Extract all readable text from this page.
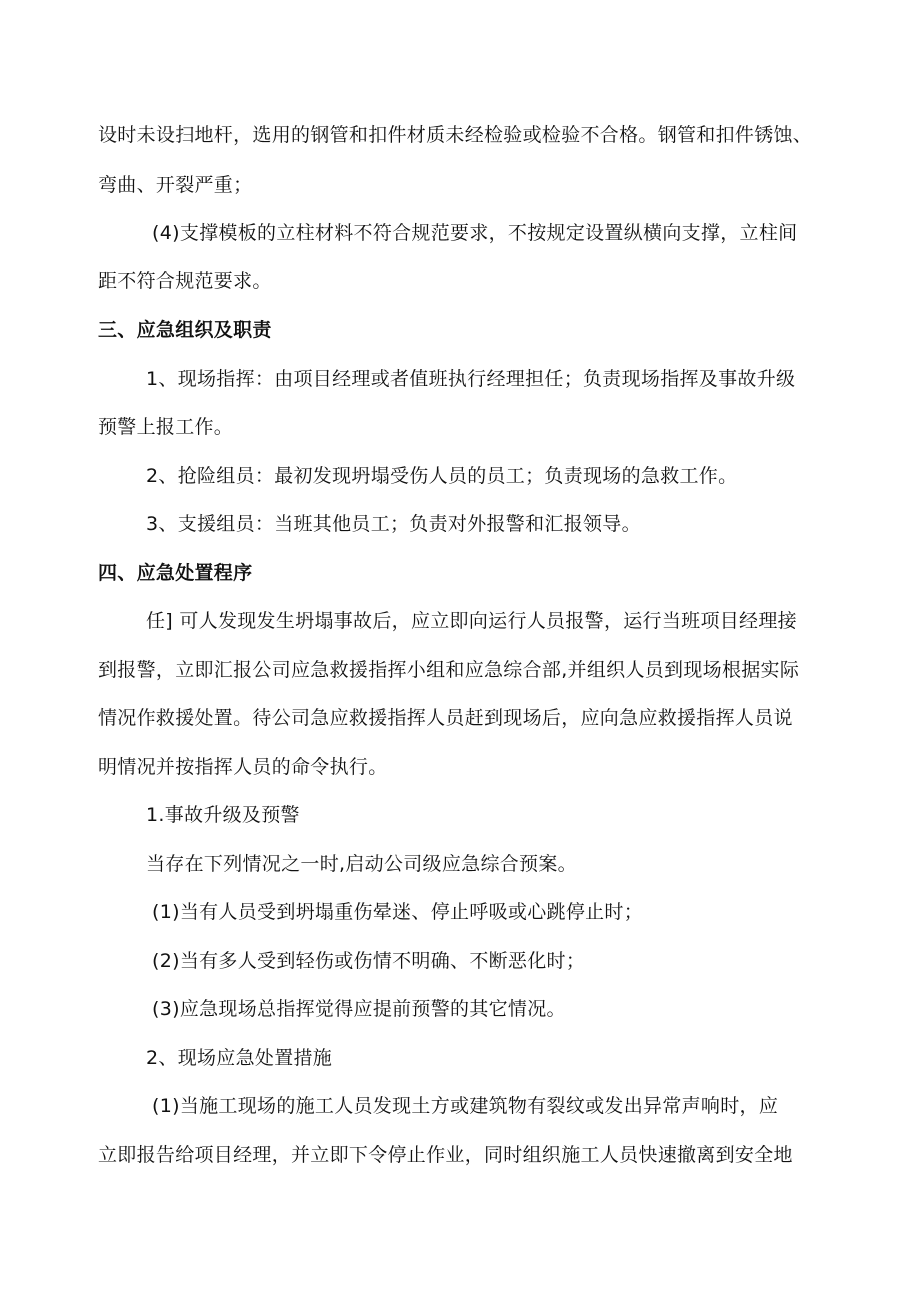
设时未设扫地杆，选用的钢管和扣件材质未经检验或检验不合格。钢管和扣件锈蚀、
弯曲、开裂严重；
(4)支撑模板的立柱材料不符合规范要求，不按规定设置纵横向支撑，立柱间
距不符合规范要求。
三、应急组织及职责
1、现场指挥：由项目经理或者值班执行经理担任；负责现场指挥及事故升级
预警上报工作。
2、抢险组员：最初发现坍塌受伤人员的员工；负责现场的急救工作。
3、支援组员：当班其他员工；负责对外报警和汇报领导。
四、应急处置程序
任] 可人发现发生坍塌事故后，应立即向运行人员报警，运行当班项目经理接
到报警，立即汇报公司应急救援指挥小组和应急综合部,并组织人员到现场根据实际
情况作救援处置。待公司急应救援指挥人员赶到现场后，应向急应救援指挥人员说
明情况并按指挥人员的命令执行。
1.事故升级及预警
当存在下列情况之一时,启动公司级应急综合预案。
(1)当有人员受到坍塌重伤晕迷、停止呼吸或心跳停止时；
(2)当有多人受到轻伤或伤情不明确、不断恶化时；
(3)应急现场总指挥觉得应提前预警的其它情况。
2、现场应急处置措施
(1)当施工现场的施工人员发现土方或建筑物有裂纹或发出异常声响时，应
立即报告给项目经理，并立即下令停止作业，同时组织施工人员快速撤离到安全地
